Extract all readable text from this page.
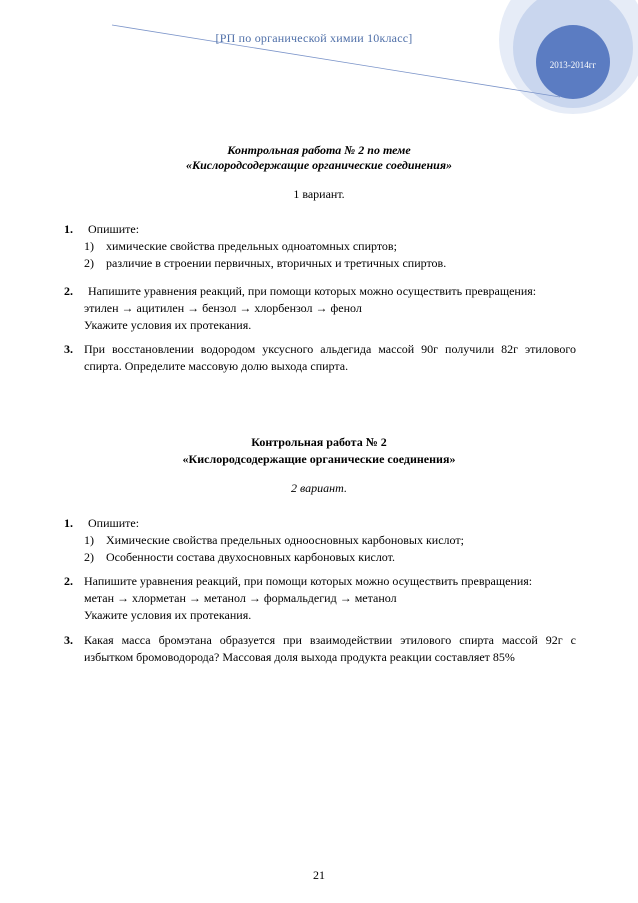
2013-2014гг
[РП по органической химии 10класс]
Контрольная работа № 2 по теме
«Кислородсодержащие органические соединения»
1 вариант.
1. Опишите:
1)	химические свойства предельных одноатомных спиртов;
2)	различие в строении первичных, вторичных и третичных спиртов.
2. Напишите уравнения реакций, при помощи которых можно осуществить превращения:
этилен → ацитилен → бензол → хлорбензол → фенол
Укажите условия их протекания.
3. При восстановлении водородом уксусного альдегида массой 90г получили 82г этилового
спирта. Определите массовую долю выхода спирта.
Контрольная работа № 2
«Кислородсодержащие органические соединения»
2 вариант.
1. Опишите:
1)	Химические свойства предельных одноосновных карбоновых кислот;
2)	Особенности состава двухосновных карбоновых кислот.
2. Напишите уравнения реакций, при помощи которых можно осуществить превращения:
метан → хлорметан → метанол → формальдегид → метанол
Укажите условия их протекания.
3. Какая масса бромэтана образуется при взаимодействии этилового спирта массой 92г с
избытком бромоводорода? Массовая доля выхода продукта реакции составляет 85%
21
